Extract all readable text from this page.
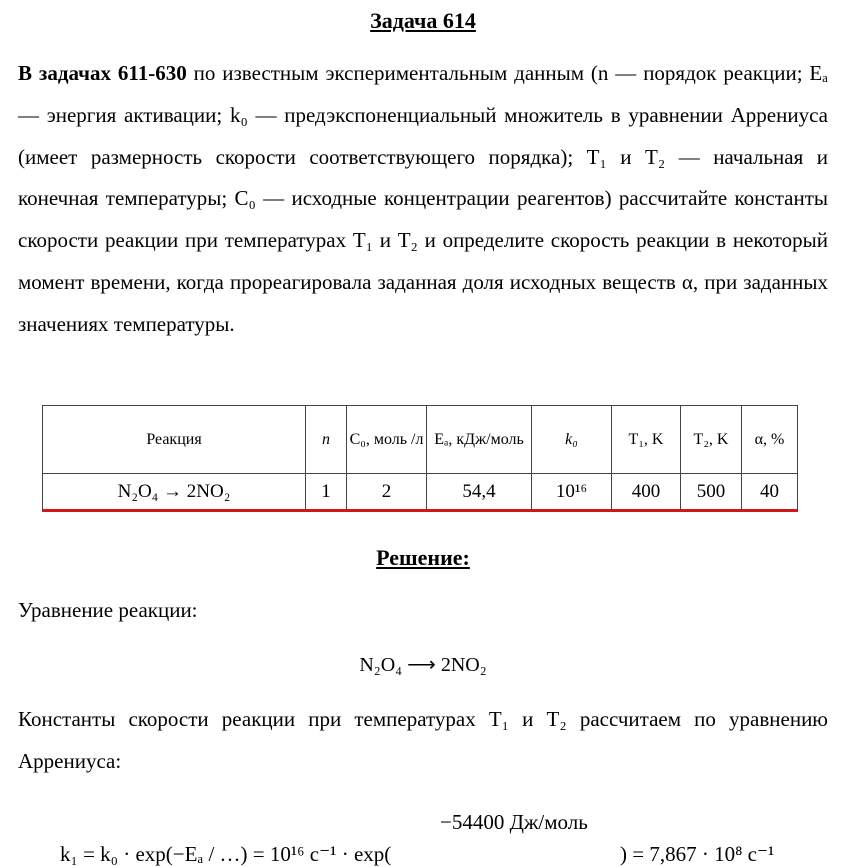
Задача 614
В задачах 611-630 по известным экспериментальным данным (n — порядок реакции; Eₐ — энергия активации; k₀ — предэкспоненциальный множитель в уравнении Аррениуса (имеет размерность скорости соответствующего порядка); T₁ и T₂ — начальная и конечная температуры; C₀ — исходные концентрации реагентов) рассчитайте константы скорости реакции при температурах T₁ и T₂ и определите скорость реакции в некоторый момент времени, когда прореагировала заданная доля исходных веществ α, при заданных значениях температуры.
Реакция	n	C₀, моль /л	Eₐ, кДж/моль	k₀	T₁, K	T₂, K	α, %
N₂O₄ → 2NO₂	1	2	54,4	10¹⁶	400	500	40
Решение:
Уравнение реакции:
N₂O₄ ⟶ 2NO₂
Константы скорости реакции при температурах T₁ и T₂ рассчитаем по уравнению Аррениуса:
k₁ = k₀ · exp(−Eₐ / …) = 10¹⁶ с⁻¹ · exp(
−54400 Дж/моль
) = 7,867 · 10⁸ с⁻¹
